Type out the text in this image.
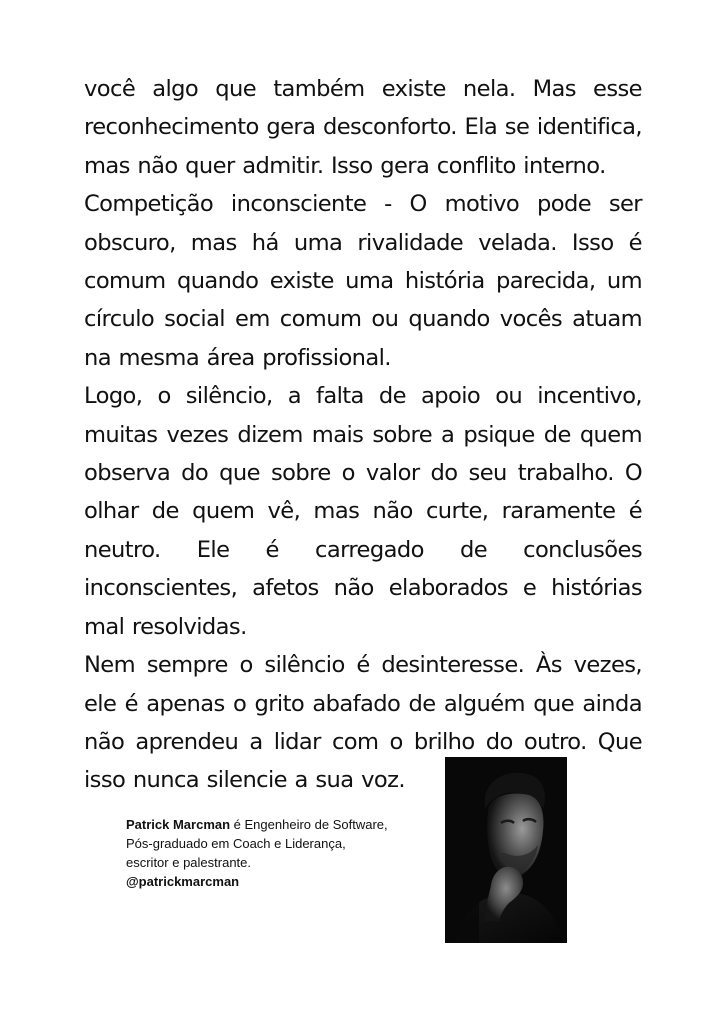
você algo que também existe nela. Mas esse reconhecimento gera desconforto. Ela se identifica, mas não quer admitir. Isso gera conflito interno.

Competição inconsciente - O motivo pode ser obscuro, mas há uma rivalidade velada. Isso é comum quando existe uma história parecida, um círculo social em comum ou quando vocês atuam na mesma área profissional.

Logo, o silêncio, a falta de apoio ou incentivo, muitas vezes dizem mais sobre a psique de quem observa do que sobre o valor do seu trabalho. O olhar de quem vê, mas não curte, raramente é neutro. Ele é carregado de conclusões inconscientes, afetos não elaborados e histórias mal resolvidas.

Nem sempre o silêncio é desinteresse. Às vezes, ele é apenas o grito abafado de alguém que ainda não aprendeu a lidar com o brilho do outro. Que isso nunca silencie a sua voz.

Patrick Marcman é Engenheiro de Software,
Pós-graduado em Coach e Liderança,
escritor e palestrante.
@patrickmarcman
